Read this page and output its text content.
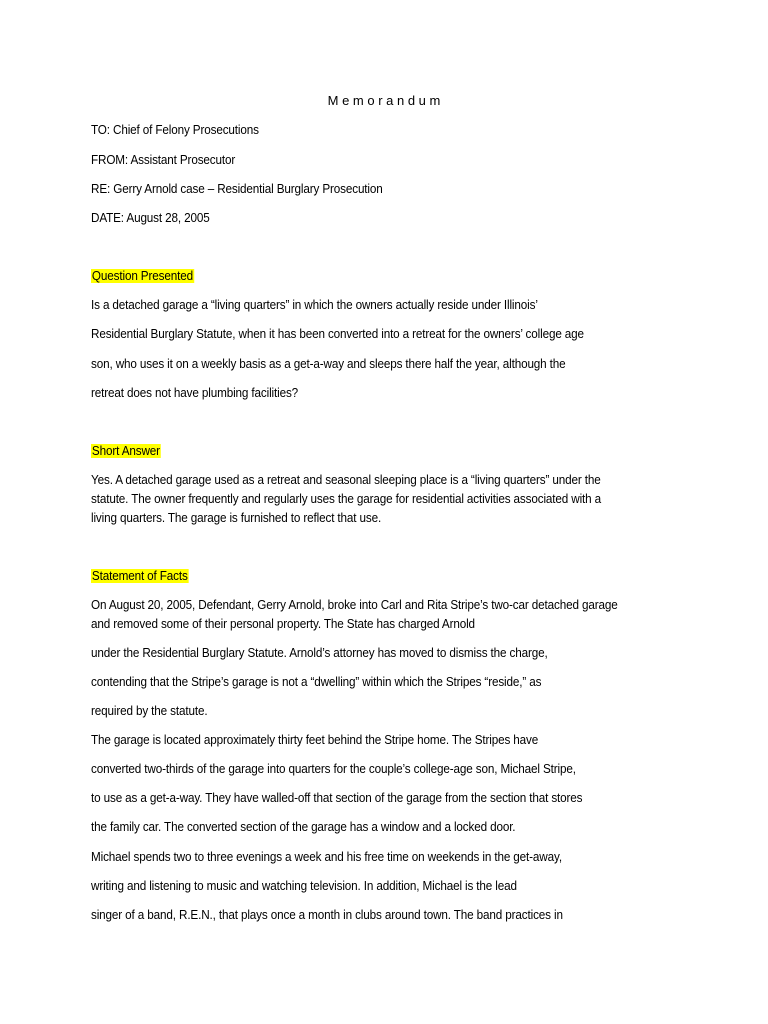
M e m o r a n d u m
TO: Chief of Felony Prosecutions
FROM: Assistant Prosecutor
RE: Gerry Arnold case – Residential Burglary Prosecution
DATE: August 28, 2005
Question Presented
Is a detached garage a “living quarters” in which the owners actually reside under Illinois’
Residential Burglary Statute, when it has been converted into a retreat for the owners’ college age
son, who uses it on a weekly basis as a get-a-way and sleeps there half the year, although the
retreat does not have plumbing facilities?
Short Answer
Yes. A detached garage used as a retreat and seasonal sleeping place is a “living quarters” under the
statute. The owner frequently and regularly uses the garage for residential activities associated with a
living quarters. The garage is furnished to reflect that use.
Statement of Facts
On August 20, 2005, Defendant, Gerry Arnold, broke into Carl and Rita Stripe’s two-car detached garage
and removed some of their personal property. The State has charged Arnold
under the Residential Burglary Statute. Arnold’s attorney has moved to dismiss the charge,
contending that the Stripe’s garage is not a “dwelling” within which the Stripes “reside,” as
required by the statute.
The garage is located approximately thirty feet behind the Stripe home. The Stripes have
converted two-thirds of the garage into quarters for the couple’s college-age son, Michael Stripe,
to use as a get-a-way. They have walled-off that section of the garage from the section that stores
the family car. The converted section of the garage has a window and a locked door.
Michael spends two to three evenings a week and his free time on weekends in the get-away,
writing and listening to music and watching television. In addition, Michael is the lead
singer of a band, R.E.N., that plays once a month in clubs around town. The band practices in
